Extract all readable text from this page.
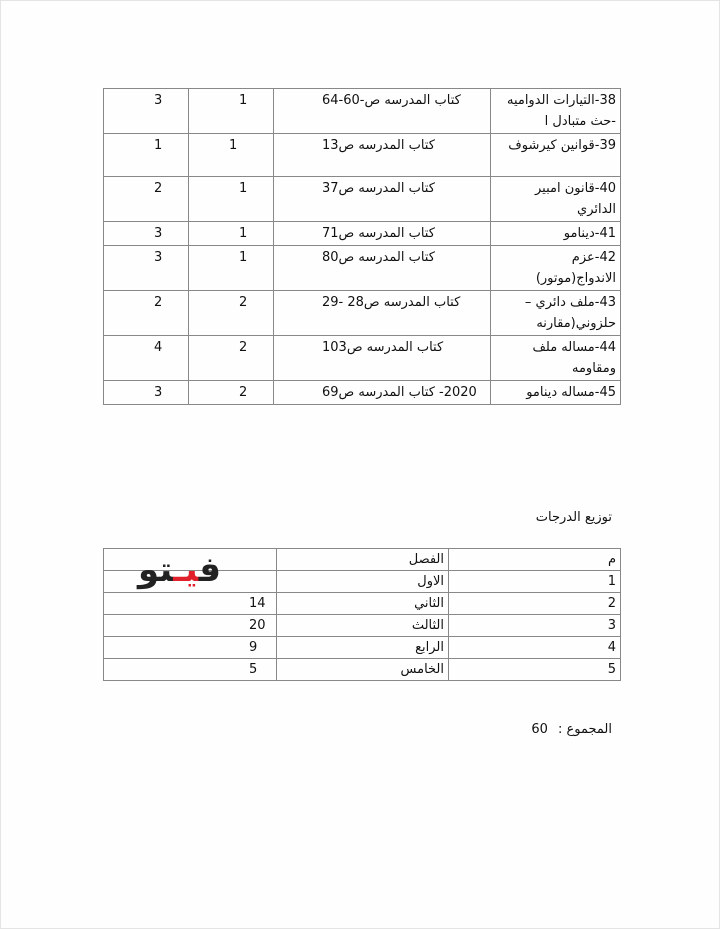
38-التيارات الدواميه -حث متبادل ا	كتاب المدرسه ص-60-64	1	3
39-قوانين كيرشوف	كتاب المدرسه ص13	1	1
40-قانون امبير الدائري	كتاب المدرسه ص37	1	2
41-دينامو	كتاب المدرسه ص71	1	3
42-عزم الاندواج(موتور)	كتاب المدرسه ص80	1	3
43-ملف دائري – حلزوني(مقارنه	كتاب المدرسه ص28 -29	2	2
44-مساله ملف ومقاومه	كتاب المدرسه ص103	2	4
45-مساله دينامو	2020- كتاب المدرسه ص69	2	3
توزيع الدرجات
م	الفصل	
1	الاول	
2	الثاني	14
3	الثالث	20
4	الرابع	9
5	الخامس	5
فيـتو
المجموع : 60
